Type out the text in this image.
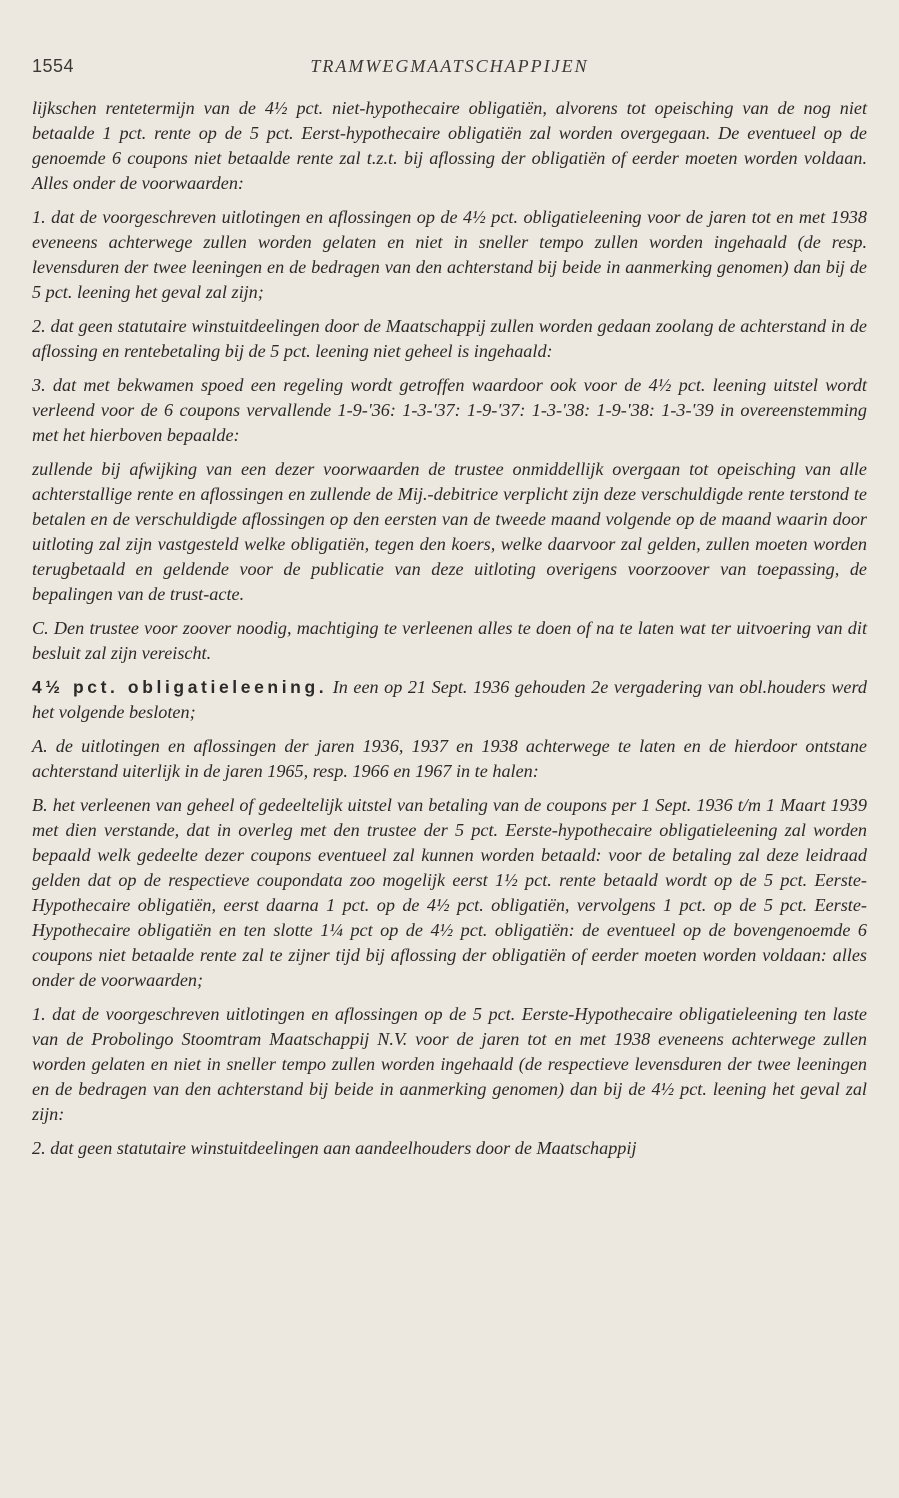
1554	TRAMWEGMAATSCHAPPIJEN

lijkschen rentetermijn van de 4½ pct. niet-hypothecaire obligatiën, alvorens tot opeisching van de nog niet betaalde 1 pct. rente op de 5 pct. Eerst-hypothecaire obligatiën zal worden overgegaan. De eventueel op de genoemde 6 coupons niet betaalde rente zal t.z.t. bij aflossing der obligatiën of eerder moeten worden voldaan. Alles onder de voorwaarden:

1. dat de voorgeschreven uitlotingen en aflossingen op de 4½ pct. obligatieleening voor de jaren tot en met 1938 eveneens achterwege zullen worden gelaten en niet in sneller tempo zullen worden ingehaald (de resp. levensduren der twee leeningen en de bedragen van den achterstand bij beide in aanmerking genomen) dan bij de 5 pct. leening het geval zal zijn;

2. dat geen statutaire winstuitdeelingen door de Maatschappij zullen worden gedaan zoolang de achterstand in de aflossing en rentebetaling bij de 5 pct. leening niet geheel is ingehaald:

3. dat met bekwamen spoed een regeling wordt getroffen waardoor ook voor de 4½ pct. leening uitstel wordt verleend voor de 6 coupons vervallende 1-9-'36: 1-3-'37: 1-9-'37: 1-3-'38: 1-9-'38: 1-3-'39 in overeenstemming met het hierboven bepaalde:

zullende bij afwijking van een dezer voorwaarden de trustee onmiddellijk overgaan tot opeisching van alle achterstallige rente en aflossingen en zullende de Mij.-debitrice verplicht zijn deze verschuldigde rente terstond te betalen en de verschuldigde aflossingen op den eersten van de tweede maand volgende op de maand waarin door uitloting zal zijn vastgesteld welke obligatiën, tegen den koers, welke daarvoor zal gelden, zullen moeten worden terugbetaald en geldende voor de publicatie van deze uitloting overigens voorzoover van toepassing, de bepalingen van de trust-acte.

C. Den trustee voor zoover noodig, machtiging te verleenen alles te doen of na te laten wat ter uitvoering van dit besluit zal zijn vereischt.

4½ pct. obligatieleening. In een op 21 Sept. 1936 gehouden 2e vergadering van obl.houders werd het volgende besloten;

A. de uitlotingen en aflossingen der jaren 1936, 1937 en 1938 achterwege te laten en de hierdoor ontstane achterstand uiterlijk in de jaren 1965, resp. 1966 en 1967 in te halen:

B. het verleenen van geheel of gedeeltelijk uitstel van betaling van de coupons per 1 Sept. 1936 t/m 1 Maart 1939 met dien verstande, dat in overleg met den trustee der 5 pct. Eerste-hypothecaire obligatieleening zal worden bepaald welk gedeelte dezer coupons eventueel zal kunnen worden betaald: voor de betaling zal deze leidraad gelden dat op de respectieve coupondata zoo mogelijk eerst 1½ pct. rente betaald wordt op de 5 pct. Eerste-Hypothecaire obligatiën, eerst daarna 1 pct. op de 4½ pct. obligatiën, vervolgens 1 pct. op de 5 pct. Eerste-Hypothecaire obligatiën en ten slotte 1¼ pct op de 4½ pct. obligatiën: de eventueel op de bovengenoemde 6 coupons niet betaalde rente zal te zijner tijd bij aflossing der obligatiën of eerder moeten worden voldaan: alles onder de voorwaarden;

1. dat de voorgeschreven uitlotingen en aflossingen op de 5 pct. Eerste-Hypothecaire obligatieleening ten laste van de Probolingo Stoomtram Maatschappij N.V. voor de jaren tot en met 1938 eveneens achterwege zullen worden gelaten en niet in sneller tempo zullen worden ingehaald (de respectieve levensduren der twee leeningen en de bedragen van den achterstand bij beide in aanmerking genomen) dan bij de 4½ pct. leening het geval zal zijn:

2. dat geen statutaire winstuitdeelingen aan aandeelhouders door de Maatschappij
